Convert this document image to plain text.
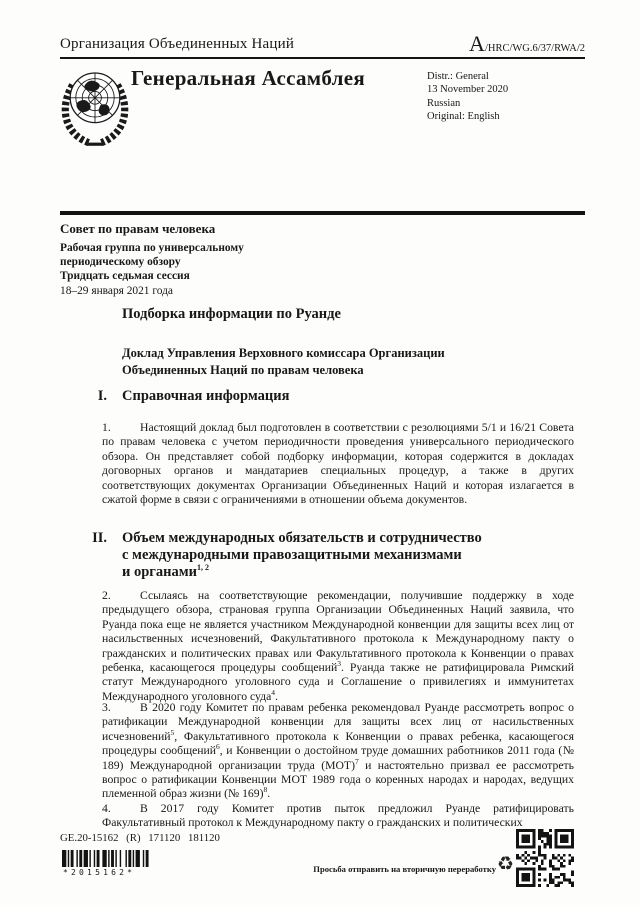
Организация Объединенных Наций	A/HRC/WG.6/37/RWA/2
Генеральная Ассамблея	Distr.: General
13 November 2020
Russian
Original: English
Совет по правам человека
Рабочая группа по универсальному
периодическому обзору
Тридцать седьмая сессия
18–29 января 2021 года
Подборка информации по Руанде
Доклад Управления Верховного комиссара Организации
Объединенных Наций по правам человека
I. Справочная информация

1. Настоящий доклад был подготовлен в соответствии с резолюциями 5/1 и 16/21 Совета по правам человека с учетом периодичности проведения универсального периодического обзора. Он представляет собой подборку информации, которая содержится в докладах договорных органов и мандатариев специальных процедур, а также в других соответствующих документах Организации Объединенных Наций и которая излагается в сжатой форме в связи с ограничениями в отношении объема документов.

II. Объем международных обязательств и сотрудничество
с международными правозащитными механизмами
и органами$^{1, 2}$

2. Ссылаясь на соответствующие рекомендации, получившие поддержку в ходе предыдущего обзора, страновая группа Организации Объединенных Наций заявила, что Руанда пока еще не является участником Международной конвенции для защиты всех лиц от насильственных исчезновений, Факультативного протокола к Международному пакту о гражданских и политических правах или Факультативного протокола к Конвенции о правах ребенка, касающегося процедуры сообщений$^3$. Руанда также не ратифицировала Римский статут Международного уголовного суда и Соглашение о привилегиях и иммунитетах Международного уголовного суда$^4$.

3. В 2020 году Комитет по правам ребенка рекомендовал Руанде рассмотреть вопрос о ратификации Международной конвенции для защиты всех лиц от насильственных исчезновений$^5$, Факультативного протокола к Конвенции о правах ребенка, касающегося процедуры сообщений$^6$, и Конвенции о достойном труде домашних работников 2011 года (№ 189) Международной организации труда (МОТ)$^7$ и настоятельно призвал ее рассмотреть вопрос о ратификации Конвенции МОТ 1989 года о коренных народах и народах, ведущих племенной образ жизни (№ 169)$^8$.

4. В 2017 году Комитет против пыток предложил Руанде ратифицировать Факультативный протокол к Международному пакту о гражданских и политических

GE.20-15162 (R) 171120 181120
*2015162*	Просьба отправить на вторичную переработку ♻
